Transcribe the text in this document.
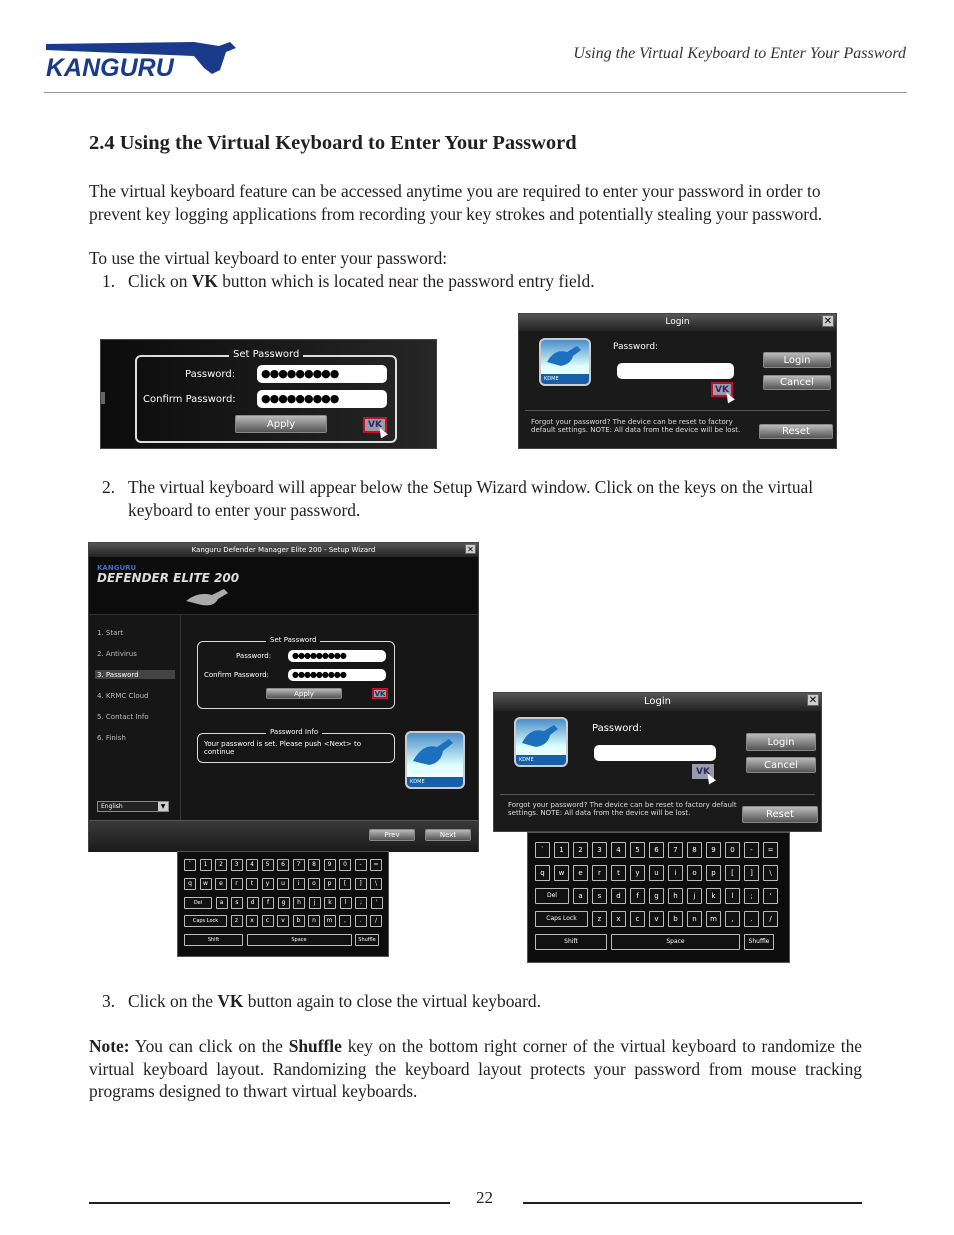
KANGURU
Using the Virtual Keyboard to Enter Your Password
2.4 Using the Virtual Keyboard to Enter Your Password
The virtual keyboard feature can be accessed anytime you are required to enter your password in order to prevent key logging applications from recording your key strokes and potentially stealing your password.
To use the virtual keyboard to enter your password:
1. Click on VK button which is located near the password entry field.
Set Password
Password:	●●●●●●●●●
Confirm Password:	●●●●●●●●●
Apply	VK
Login	✕
KDME
Password:
Login
Cancel
VK
Forgot your password? The device can be reset to factory default settings. NOTE: All data from the device will be lost.	Reset
2. The virtual keyboard will appear below the Setup Wizard window. Click on the keys on the virtual keyboard to enter your password.
Kanguru Defender Manager Elite 200 - Setup Wizard	✕
KANGURU
DEFENDER ELITE 200
1. Start
2. Antivirus
3. Password
4. KRMC Cloud
5. Contact Info
6. Finish
English	▼
Set Password
Password:	●●●●●●●●●
Confirm Password:	●●●●●●●●●
Apply	VK
Password Info
Your password is set. Please push <Next> to continue
KDME
Prev	Next
`	1	2	3	4	5	6	7	8	9	0	-	=
q	w	e	r	t	y	u	i	o	p	[	]	\
Del	a	s	d	f	g	h	j	k	l	;	'
Caps Lock	z	x	c	v	b	n	m	,	.	/
Shift	Space	Shuffle
Login	✕
KDME
Password:
Login
Cancel
VK
Forgot your password? The device can be reset to factory default settings. NOTE: All data from the device will be lost.	Reset
`	1	2	3	4	5	6	7	8	9	0	-	=
q	w	e	r	t	y	u	i	o	p	[	]	\
Del	a	s	d	f	g	h	j	k	l	;	'
Caps Lock	z	x	c	v	b	n	m	,	.	/
Shift	Space	Shuffle
3. Click on the VK button again to close the virtual keyboard.
Note: You can click on the Shuffle key on the bottom right corner of the virtual keyboard to randomize the virtual keyboard layout. Randomizing the keyboard layout protects your password from mouse tracking programs designed to thwart virtual keyboards.
22
